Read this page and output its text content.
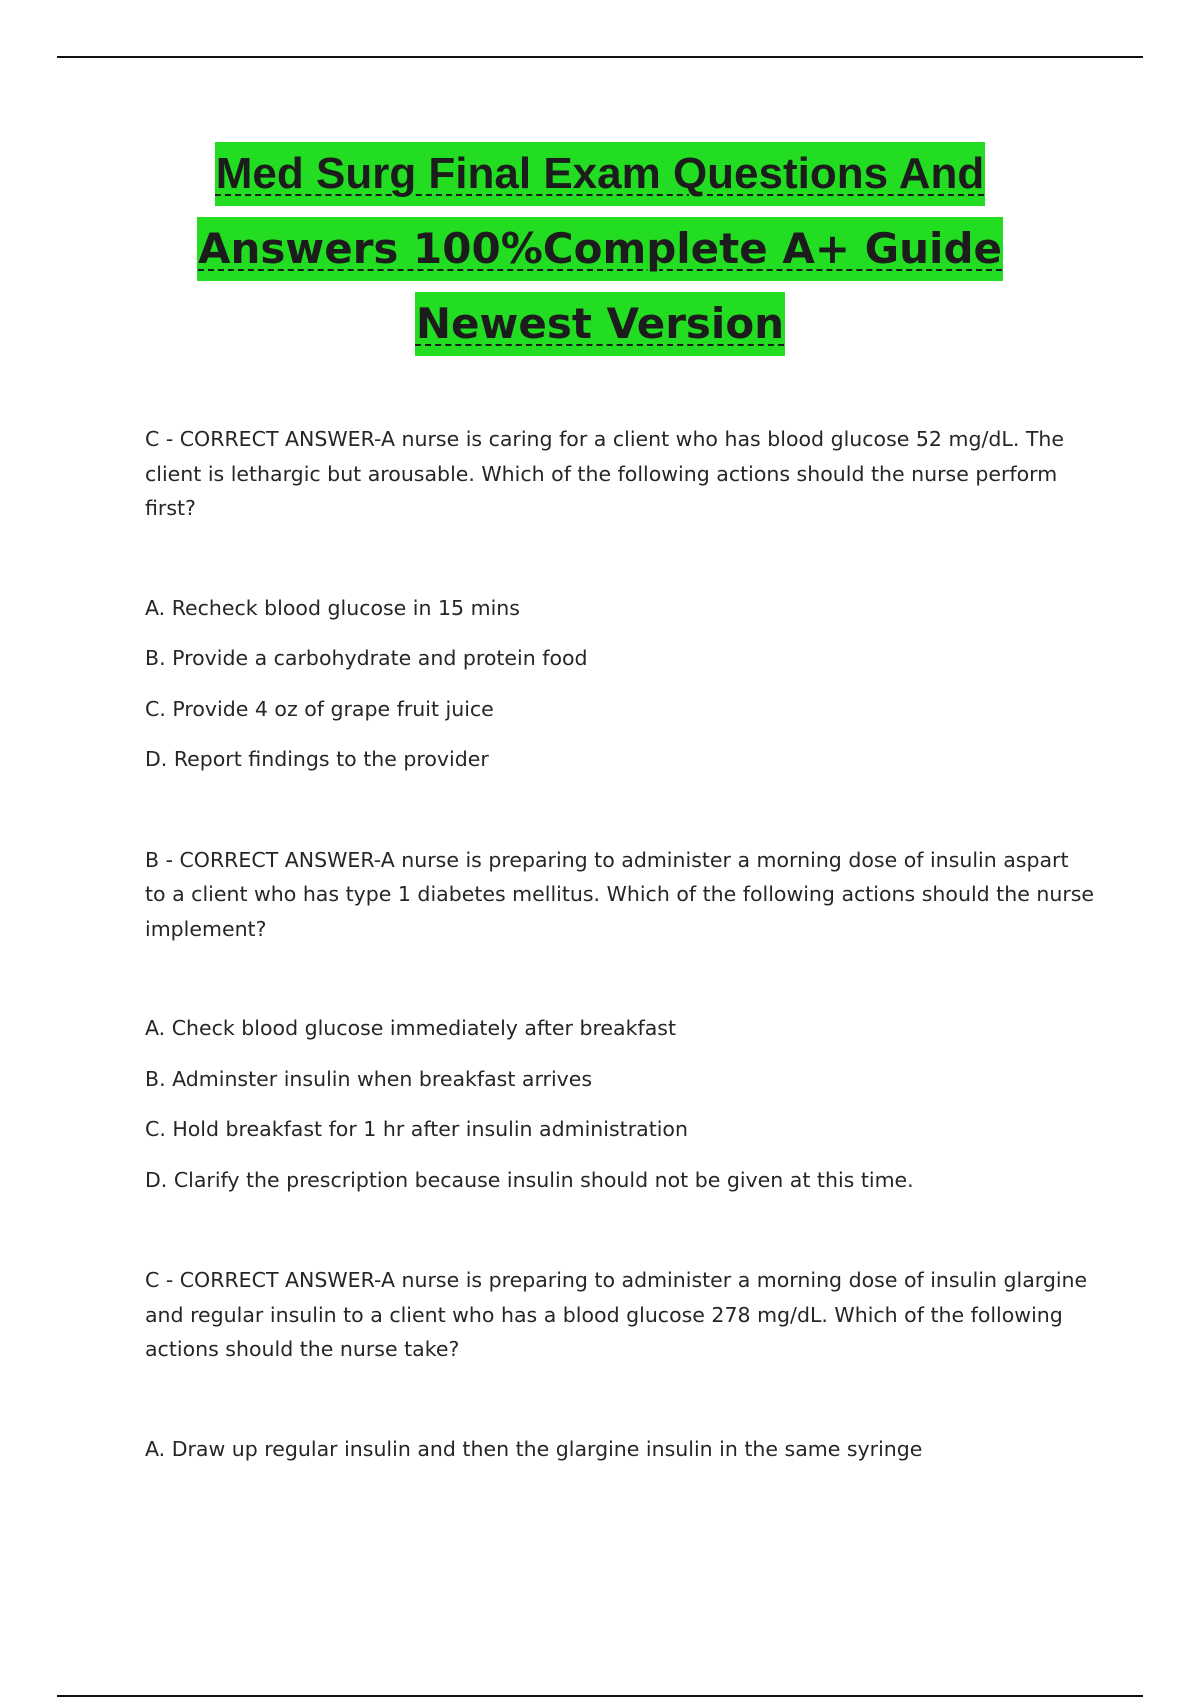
Med Surg Final Exam Questions And
Answers 100%Complete A+ Guide
Newest Version

C - CORRECT ANSWER-A nurse is caring for a client who has blood glucose 52 mg/dL. The client is lethargic but arousable. Which of the following actions should the nurse perform first?

A. Recheck blood glucose in 15 mins

B. Provide a carbohydrate and protein food

C. Provide 4 oz of grape fruit juice

D. Report findings to the provider

B - CORRECT ANSWER-A nurse is preparing to administer a morning dose of insulin aspart to a client who has type 1 diabetes mellitus. Which of the following actions should the nurse implement?

A. Check blood glucose immediately after breakfast

B. Adminster insulin when breakfast arrives

C. Hold breakfast for 1 hr after insulin administration

D. Clarify the prescription because insulin should not be given at this time.

C - CORRECT ANSWER-A nurse is preparing to administer a morning dose of insulin glargine and regular insulin to a client who has a blood glucose 278 mg/dL. Which of the following actions should the nurse take?

A. Draw up regular insulin and then the glargine insulin in the same syringe
